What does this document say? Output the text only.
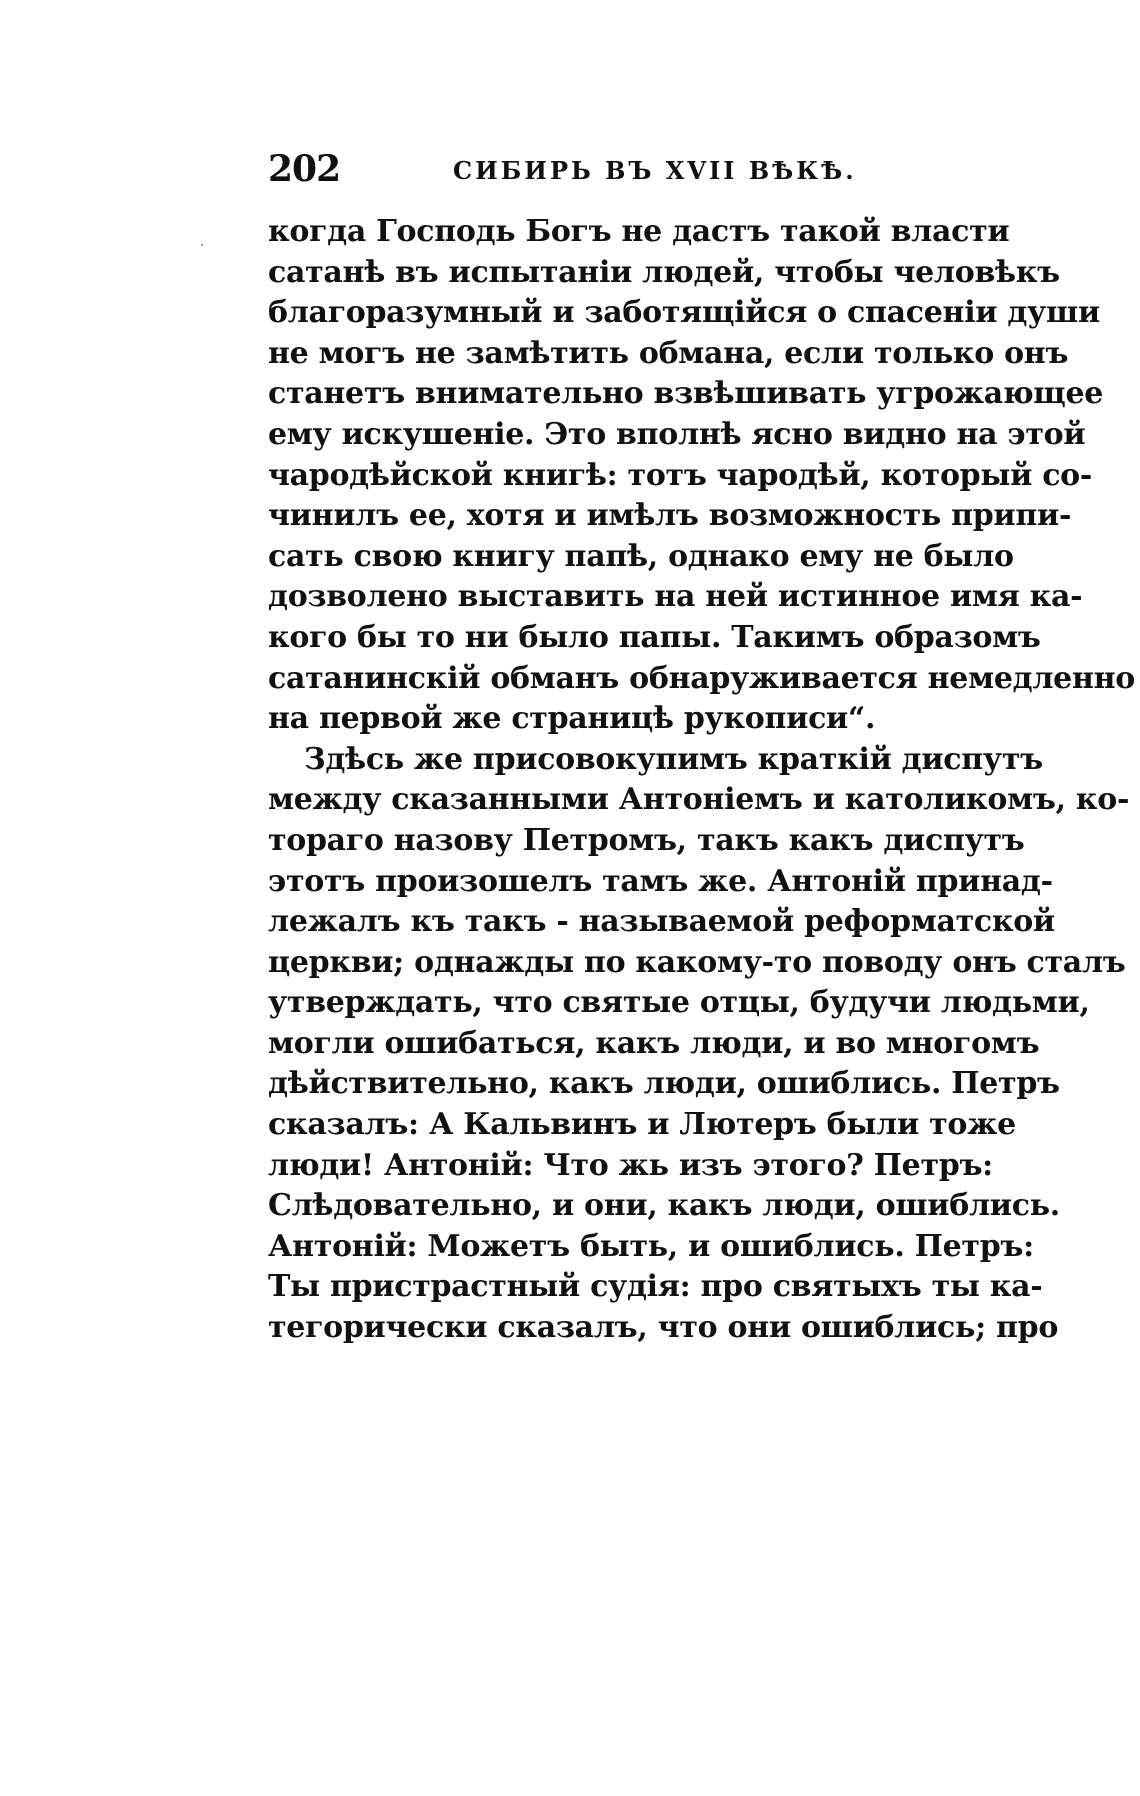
202	СИБИРЬ ВЪ XVII ВѢКѢ.
когда Господь Богъ не дастъ такой власти
сатанѣ въ испытаніи людей, чтобы человѣкъ
благоразумный и заботящійся о спасеніи души
не могъ не замѣтить обмана, если только онъ
станетъ внимательно взвѣшивать угрожающее
ему искушеніе. Это вполнѣ ясно видно на этой
чародѣйской книгѣ: тотъ чародѣй, который со-
чинилъ ее, хотя и имѣлъ возможность припи-
сать свою книгу папѣ, однако ему не было
дозволено выставить на ней истинное имя ка-
кого бы то ни было папы. Такимъ образомъ
сатанинскій обманъ обнаруживается немедленно
на первой же страницѣ рукописи“.
Здѣсь же присовокупимъ краткій диспутъ
между сказанными Антоніемъ и католикомъ, ко-
тораго назову Петромъ, такъ какъ диспутъ
этотъ произошелъ тамъ же. Антоній принад-
лежалъ къ такъ - называемой реформатской
церкви; однажды по какому-то поводу онъ сталъ
утверждать, что святые отцы, будучи людьми,
могли ошибаться, какъ люди, и во многомъ
дѣйствительно, какъ люди, ошиблись. Петръ
сказалъ: А Кальвинъ и Лютеръ были тоже
люди! Антоній: Что жь изъ этого? Петръ:
Слѣдовательно, и они, какъ люди, ошиблись.
Антоній: Можетъ быть, и ошиблись. Петръ:
Ты пристрастный судія: про святыхъ ты ка-
тегорически сказалъ, что они ошиблись; про
